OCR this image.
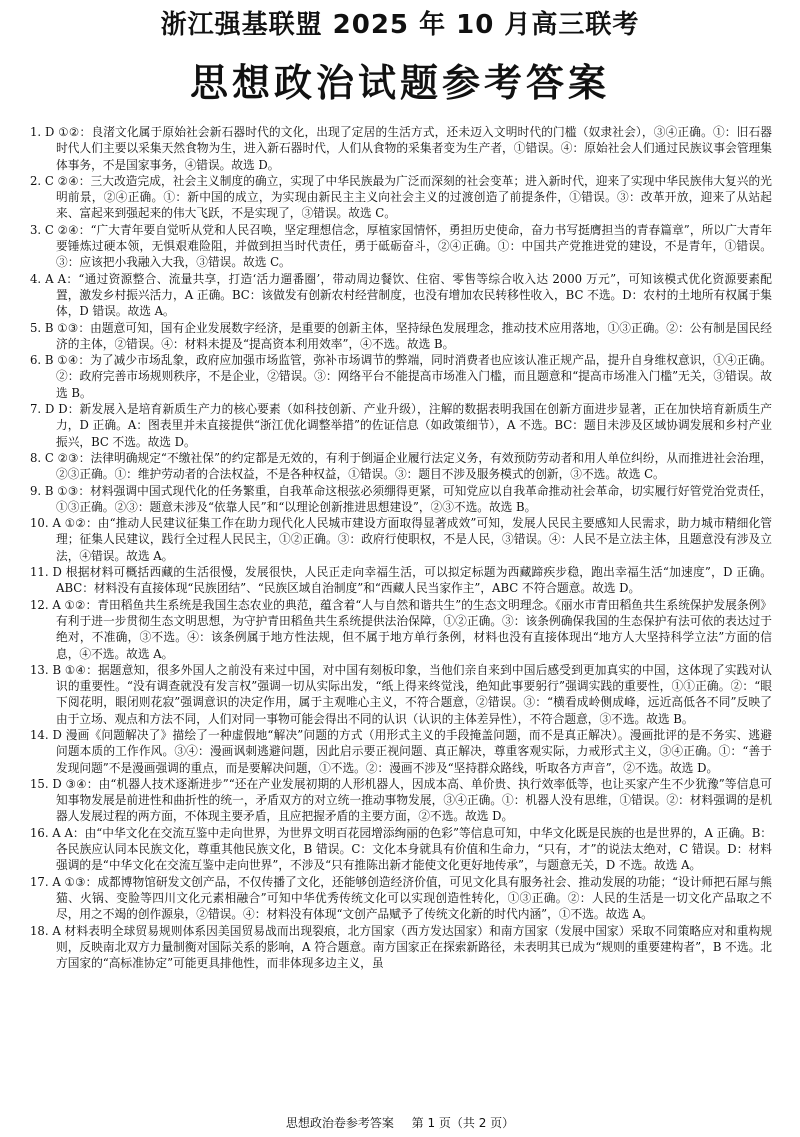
浙江强基联盟 2025 年 10 月高三联考
思想政治试题参考答案

1. D ①②：良渚文化属于原始社会新石器时代的文化，出现了定居的生活方式，还未迈入文明时代的门槛（奴隶社会），③④正确。①：旧石器时代人们主要以采集天然食物为生，进入新石器时代，人们从食物的采集者变为生产者，①错误。④：原始社会人们通过民族议事会管理集体事务，不是国家事务，④错误。故选 D。

2. C ②④：三大改造完成，社会主义制度的确立，实现了中华民族最为广泛而深刻的社会变革；进入新时代，迎来了实现中华民族伟大复兴的光明前景，②④正确。①：新中国的成立，为实现由新民主主义向社会主义的过渡创造了前提条件，①错误。③：改革开放，迎来了从站起来、富起来到强起来的伟大飞跃，不是实现了，③错误。故选 C。

3. C ②④：“广大青年要自觉听从党和人民召唤，坚定理想信念，厚植家国情怀，勇担历史使命，奋力书写挺膺担当的青春篇章”，所以广大青年要锤炼过硬本领，无惧艰难险阻，并做到担当时代责任，勇于砥砺奋斗，②④正确。①：中国共产党推进党的建设，不是青年，①错误。③：应该把小我融入大我，③错误。故选 C。

4. A A：“通过资源整合、流量共享，打造‘活力遛番圈’，带动周边餐饮、住宿、零售等综合收入达 2000 万元”，可知该模式优化资源要素配置，激发乡村振兴活力，A 正确。BC：该做发有创新农村经营制度，也没有增加农民转移性收入，BC 不选。D：农村的土地所有权属于集体，D 错误。故选 A。

5. B ①③：由题意可知，国有企业发展数字经济，是重要的创新主体，坚持绿色发展理念，推动技术应用落地，①③正确。②：公有制是国民经济的主体，②错误。④：材料未提及“提高资本利用效率”，④不选。故选 B。

6. B ①④：为了减少市场乱象，政府应加强市场监管，弥补市场调节的弊端，同时消费者也应该认准正规产品，提升自身维权意识，①④正确。②：政府完善市场规则秩序，不是企业，②错误。③：网络平台不能提高市场准入门槛，而且题意和“提高市场准入门槛”无关，③错误。故选 B。

7. D D：新发展入是培育新质生产力的核心要素（如科技创新、产业升级），注解的数据表明我国在创新方面进步显著，正在加快培育新质生产力，D 正确。A：图表里并未直接提供“浙江优化调整举措”的佐证信息（如政策细节），A 不选。BC：题目未涉及区域协调发展和乡村产业振兴，BC 不选。故选 D。

8. C ②③：法律明确规定“不缴社保”的约定都是无效的，有利于倒逼企业履行法定义务，有效预防劳动者和用人单位纠纷，从而推进社会治理，②③正确。①：维护劳动者的合法权益，不是各种权益，①错误。③：题目不涉及服务模式的创新，③不选。故选 C。

9. B ①③：材料强调中国式现代化的任务繁重，自我革命这根弦必须绷得更紧，可知党应以自我革命推动社会革命，切实履行好管党治党责任，①③正确。②③：题意未涉及“依靠人民”和“以理论创新推进思想建设”，②③不选。故选 B。

10. A ①②：由“推动人民建议征集工作在助力现代化人民城市建设方面取得显著成效”可知，发展人民民主要感知人民需求，助力城市精细化管理；征集人民建议，践行全过程人民民主，①②正确。③：政府行使职权，不是人民，③错误。④：人民不是立法主体，且题意没有涉及立法，④错误。故选 A。

11. D 根据材料可概括西藏的生活很慢，发展很快，人民正走向幸福生活，可以拟定标题为西藏蹄疾步稳，跑出幸福生活“加速度”，D 正确。ABC：材料没有直接体现“民族团结”、“民族区域自治制度”和“西藏人民当家作主”，ABC 不符合题意。故选 D。

12. A ①②：青田稻鱼共生系统是我国生态农业的典范，蕴含着“人与自然和谐共生”的生态文明理念。《丽水市青田稻鱼共生系统保护发展条例》有利于进一步贯彻生态文明思想，为守护青田稻鱼共生系统提供法治保障，①②正确。③：该条例确保我国的生态保护有法可依的表达过于绝对，不准确，③不选。④：该条例属于地方性法规，但不属于地方单行条例，材料也没有直接体现出“地方人大坚持科学立法”方面的信息，④不选。故选 A。

13. B ①④：据题意知，很多外国人之前没有来过中国，对中国有刻板印象，当他们亲自来到中国后感受到更加真实的中国，这体现了实践对认识的重要性。“没有调查就没有发言权”强调一切从实际出发，“纸上得来终觉浅，绝知此事要躬行”强调实践的重要性，①①正确。②：“眼下阅花明，眼闭则花寂”强调意识的决定作用，属于主观唯心主义，不符合题意，②错误。③：“横看成岭侧成峰，远近高低各不同”反映了由于立场、观点和方法不同，人们对同一事物可能会得出不同的认识（认识的主体差异性），不符合题意，③不选。故选 B。

14. D 漫画《问题解决了》描绘了一种虚假地“解决”问题的方式（用形式主义的手段掩盖问题，而不是真正解决）。漫画批评的是不务实、逃避问题本质的工作作风。③④：漫画讽刺逃避问题，因此启示要正视问题、真正解决，尊重客观实际，力戒形式主义，③④正确。①：“善于发现问题”不是漫画强调的重点，而是要解决问题，①不选。②：漫画不涉及“坚持群众路线，听取各方声音”，②不选。故选 D。

15. D ③④：由“机器人技术逐渐进步”“还在产业发展初期的人形机器人，因成本高、单价贵、执行效率低等，也让买家产生不少犹豫”等信息可知事物发展是前进性和曲折性的统一，矛盾双方的对立统一推动事物发展，③④正确。①：机器人没有思维，①错误。②：材料强调的是机器人发展过程的两方面，不体现主要矛盾，且应把握矛盾的主要方面，②不选。故选 D。

16. A A：由“中华文化在交流互鉴中走向世界，为世界文明百花园增添绚丽的色彩”等信息可知，中华文化既是民族的也是世界的，A 正确。B：各民族应认同本民族文化，尊重其他民族文化，B 错误。C：文化本身就具有价值和生命力，“只有，才”的说法太绝对，C 错误。D：材料强调的是“中华文化在交流互鉴中走向世界”，不涉及“只有推陈出新才能使文化更好地传承”，与题意无关，D 不选。故选 A。

17. A ①③：成都博物馆研发文创产品，不仅传播了文化，还能够创造经济价值，可见文化具有服务社会、推动发展的功能；“设计师把石犀与熊猫、火锅、变脸等四川文化元素相融合”可知中华优秀传统文化可以实现创造性转化，①③正确。②：人民的生活是一切文化产品取之不尽，用之不竭的创作源泉，②错误。④：材料没有体现“文创产品赋予了传统文化新的时代内涵”，①不选。故选 A。

18. A 材料表明全球贸易规则体系因美国贸易战而出现裂痕，北方国家（西方发达国家）和南方国家（发展中国家）采取不同策略应对和重构规则，反映南北双方力量制衡对国际关系的影响，A 符合题意。南方国家正在探索新路径，未表明其已成为“规则的重要建构者”，B 不选。北方国家的“高标准协定”可能更具排他性，而非体现多边主义，虽

思想政治卷参考答案 第 1 页（共 2 页）
